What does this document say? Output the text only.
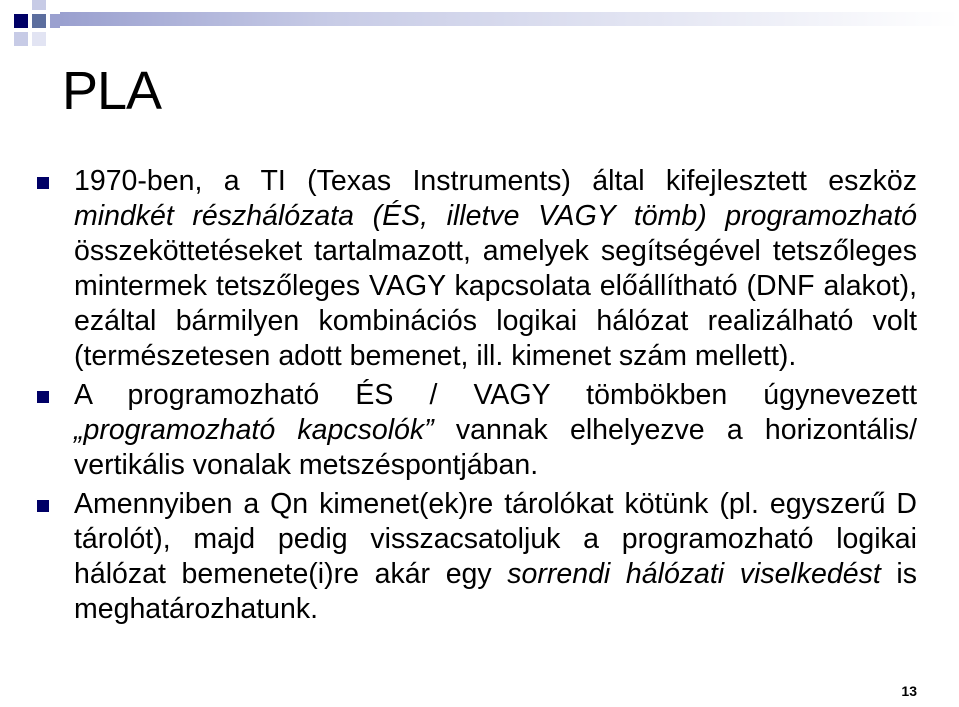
PLA
1970-ben, a TI (Texas Instruments) által kifejlesztett eszköz mindkét részhálózata (ÉS, illetve VAGY tömb) programozható összeköttetéseket tartalmazott, amelyek segítségével tetszőleges mintermek tetszőleges VAGY kapcsolata előállítható (DNF alakot), ezáltal bármilyen kombinációs logikai hálózat realizálható volt (természetesen adott bemenet, ill. kimenet szám mellett).
A programozható ÉS / VAGY tömbökben úgynevezett „programozható kapcsolók” vannak elhelyezve a horizontális/ vertikális vonalak metszéspontjában.
Amennyiben a Qn kimenet(ek)re tárolókat kötünk (pl. egyszerű D tárolót), majd pedig visszacsatoljuk a programozható logikai hálózat bemenete(i)re akár egy sorrendi hálózati viselkedést is meghatározhatunk.
13
